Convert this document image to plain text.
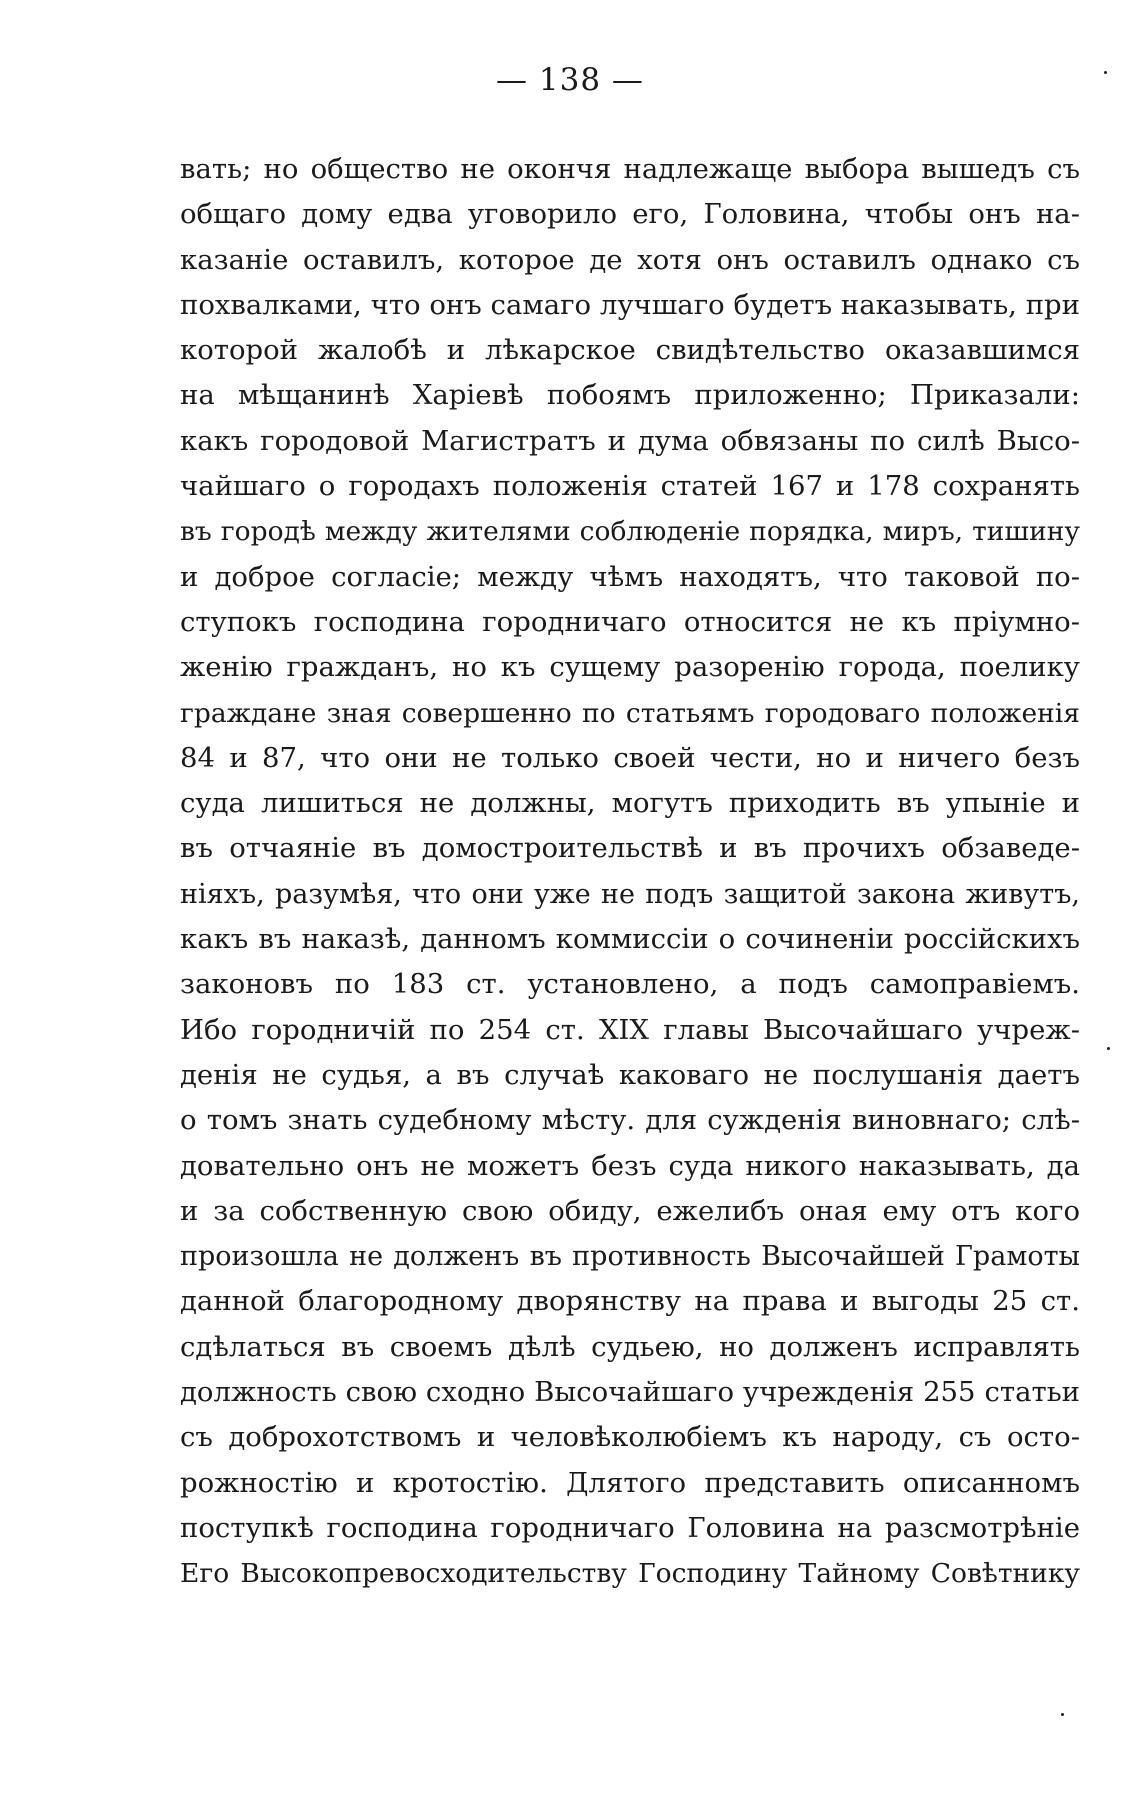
— 138 —
вать; но общество не окончя надлежаще выбора вышедъ съ
общаго дому едва уговорило его, Головина, чтобы онъ на-
казаніе оставилъ, которое де хотя онъ оставилъ однако съ
похвалками, что онъ самаго лучшаго будетъ наказывать, при
которой жалобѣ и лѣкарское свидѣтельство оказавшимся
на мѣщанинѣ Харіевѣ побоямъ приложенно; Приказали:
какъ городовой Магистратъ и дума обвязаны по силѣ Высо-
чайшаго о городахъ положенія статей 167 и 178 сохранять
въ городѣ между жителями соблюденіе порядка, миръ, тишину
и доброе согласіе; между чѣмъ находятъ, что таковой по-
ступокъ господина городничаго относится не къ пріумно-
женію гражданъ, но къ сущему разоренію города, поелику
граждане зная совершенно по статьямъ городоваго положенія
84 и 87, что они не только своей чести, но и ничего безъ
суда лишиться не должны, могутъ приходить въ упыніе и
въ отчаяніе въ домостроительствѣ и въ прочихъ обзаведе-
ніяхъ, разумѣя, что они уже не подъ защитой закона живутъ,
какъ въ наказѣ, данномъ коммиссіи о сочиненіи россійскихъ
законовъ по 183 ст. установлено, а подъ самоправіемъ.
Ибо городничій по 254 ст. XIX главы Высочайшаго учреж-
денія не судья, а въ случаѣ каковаго не послушанія даетъ
о томъ знать судебному мѣсту. для сужденія виновнаго; слѣ-
довательно онъ не можетъ безъ суда никого наказывать, да
и за собственную свою обиду, ежелибъ оная ему отъ кого
произошла не долженъ въ противность Высочайшей Грамоты
данной благородному дворянству на права и выгоды 25 ст.
сдѣлаться въ своемъ дѣлѣ судьею, но долженъ исправлять
должность свою сходно Высочайшаго учрежденія 255 статьи
съ доброхотствомъ и человѣколюбіемъ къ народу, съ осто-
рожностію и кротостію. Длятого представить описанномъ
поступкѣ господина городничаго Головина на разсмотрѣніе
Его Высокопревосходительству Господину Тайному Совѣтнику
